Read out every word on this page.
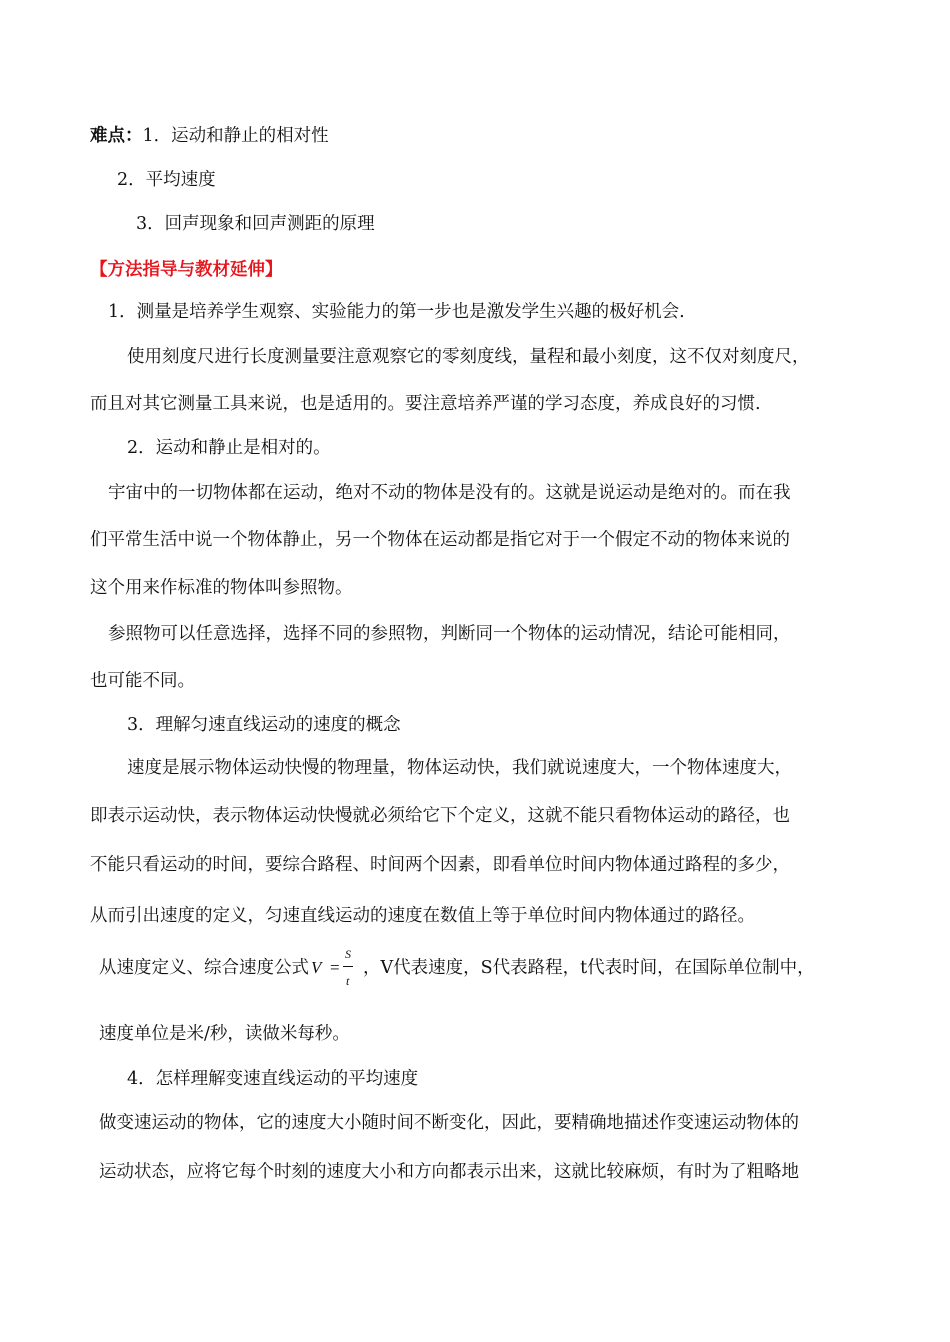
难点：1．运动和静止的相对性
2．平均速度
3．回声现象和回声测距的原理
【方法指导与教材延伸】
1．测量是培养学生观察、实验能力的第一步也是激发学生兴趣的极好机会.
使用刻度尺进行长度测量要注意观察它的零刻度线，量程和最小刻度，这不仅对刻度尺，
而且对其它测量工具来说，也是适用的。要注意培养严谨的学习态度，养成良好的习惯.
2．运动和静止是相对的。
宇宙中的一切物体都在运动，绝对不动的物体是没有的。这就是说运动是绝对的。而在我
们平常生活中说一个物体静止，另一个物体在运动都是指它对于一个假定不动的物体来说的
这个用来作标准的物体叫参照物。
参照物可以任意选择，选择不同的参照物，判断同一个物体的运动情况，结论可能相同，
也可能不同。
3．理解匀速直线运动的速度的概念
速度是展示物体运动快慢的物理量，物体运动快，我们就说速度大，一个物体速度大，
即表示运动快，表示物体运动快慢就必须给它下个定义，这就不能只看物体运动的路径，也
不能只看运动的时间，要综合路程、时间两个因素，即看单位时间内物体通过路程的多少，
从而引出速度的定义，匀速直线运动的速度在数值上等于单位时间内物体通过的路径。
从速度定义、综合速度公式 V =
S
t
，V代表速度，S代表路程，t代表时间，在国际单位制中，
速度单位是米/秒，读做米每秒。
4．怎样理解变速直线运动的平均速度
做变速运动的物体，它的速度大小随时间不断变化，因此，要精确地描述作变速运动物体的
运动状态，应将它每个时刻的速度大小和方向都表示出来，这就比较麻烦，有时为了粗略地
